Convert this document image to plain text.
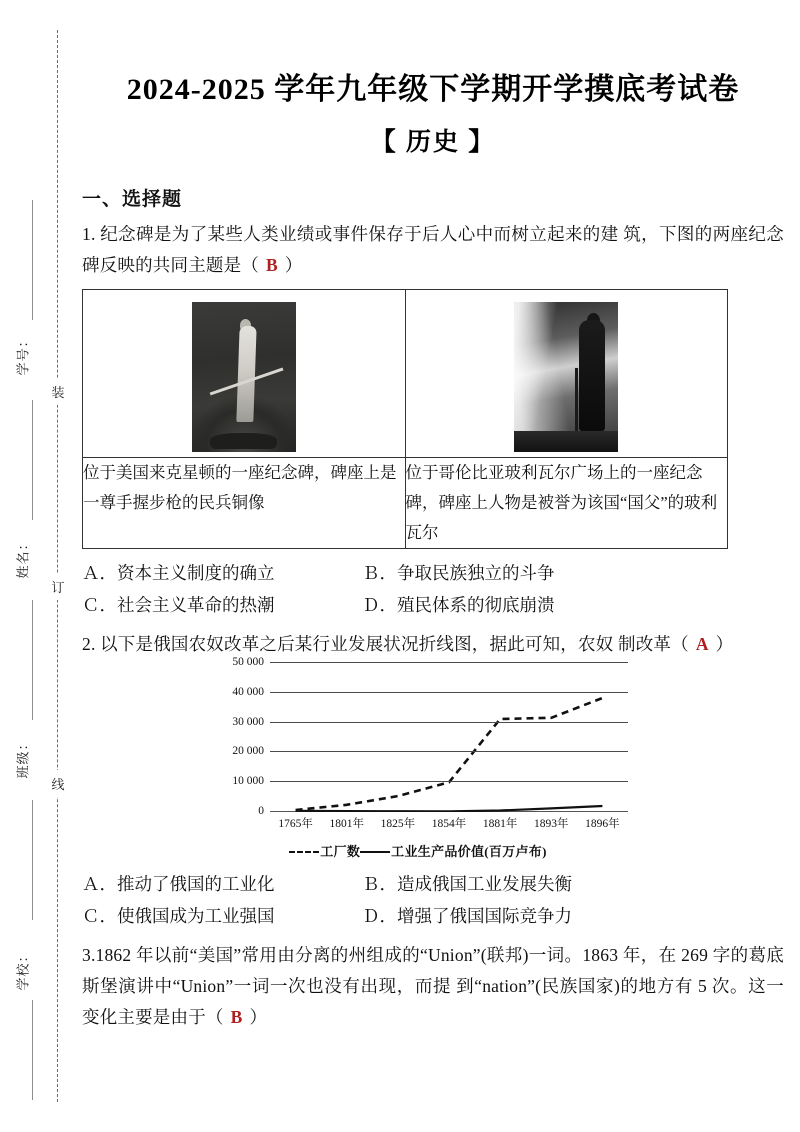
装
订
线
学号：
姓名：
班级：
学校：
2024-2025 学年九年级下学期开学摸底考试卷
【 历史 】
一、选择题
1. 纪念碑是为了某些人类业绩或事件保存于后人心中而树立起来的建 筑，下图的两座纪念碑反映的共同主题是（ B ）

位于美国来克星顿的一座纪念碑，碑座上是一尊手握步枪的民兵铜像	位于哥伦比亚玻利瓦尔广场上的一座纪念碑，碑座上人物是被誉为该国“国父”的玻利瓦尔
Ａ．资本主义制度的确立	Ｂ．争取民族独立的斗争
Ｃ．社会主义革命的热潮	Ｄ．殖民体系的彻底崩溃
2. 以下是俄国农奴改革之后某行业发展状况折线图，据此可知，农奴 制改革（ A ）
0
10 000
20 000
30 000
40 000
50 000
1765年	1801年	1825年	1854年	1881年	1893年	1896年
工厂数 工业生产品价值(百万卢布)
Ａ．推动了俄国的工业化	Ｂ．造成俄国工业发展失衡
Ｃ．使俄国成为工业强国	Ｄ．增强了俄国国际竞争力
3.1862 年以前“美国”常用由分离的州组成的“Union”(联邦)一词。1863 年，在 269 字的葛底斯堡演讲中“Union”一词一次也没有出现，而提 到“nation”(民族国家)的地方有 5 次。这一变化主要是由于（ B ）
